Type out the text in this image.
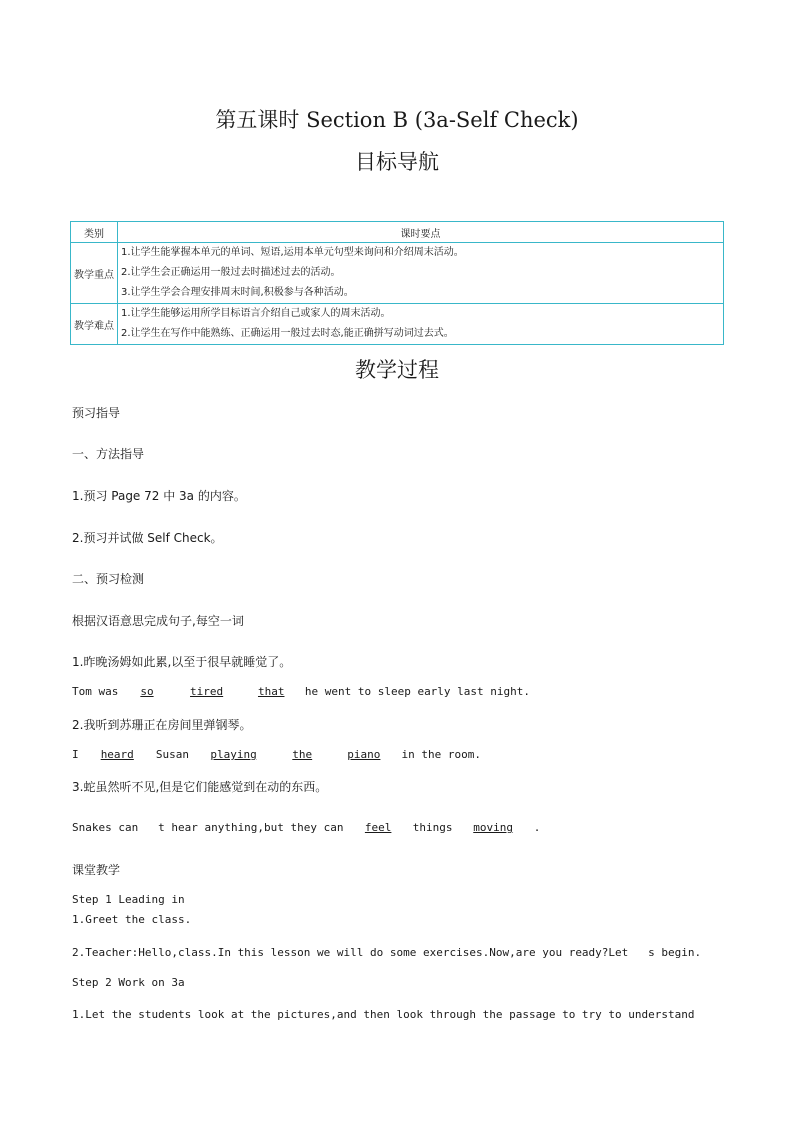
第五课时 Section B (3a-Self Check)
目标导航
类别	课时要点
教学重点	1.让学生能掌握本单元的单词、短语,运用本单元句型来询问和介绍周末活动。
2.让学生会正确运用一般过去时描述过去的活动。
3.让学生学会合理安排周末时间,积极参与各种活动。

教学难点	1.让学生能够运用所学目标语言介绍自己或家人的周末活动。
2.让学生在写作中能熟练、正确运用一般过去时态,能正确拼写动词过去式。
教学过程
预习指导
一、方法指导
1.预习 Page 72 中 3a 的内容。
2.预习并试做 Self Check。
二、预习检测
根据汉语意思完成句子,每空一词
1.昨晚汤姆如此累,以至于很早就睡觉了。
Tom was so	tired	that he went to sleep early last night.
2.我听到苏珊正在房间里弹钢琴。
I heard Susan playing	the	piano in the room.
3.蛇虽然听不见,但是它们能感觉到在动的东西。
Snakes can   t hear anything,but they can feel things moving .
课堂教学
Step 1 Leading in
1.Greet the class.
2.Teacher:Hello,class.In this lesson we will do some exercises.Now,are you ready?Let   s begin.
Step 2 Work on 3a
1.Let the students look at the pictures,and then look through the passage to try to understand
